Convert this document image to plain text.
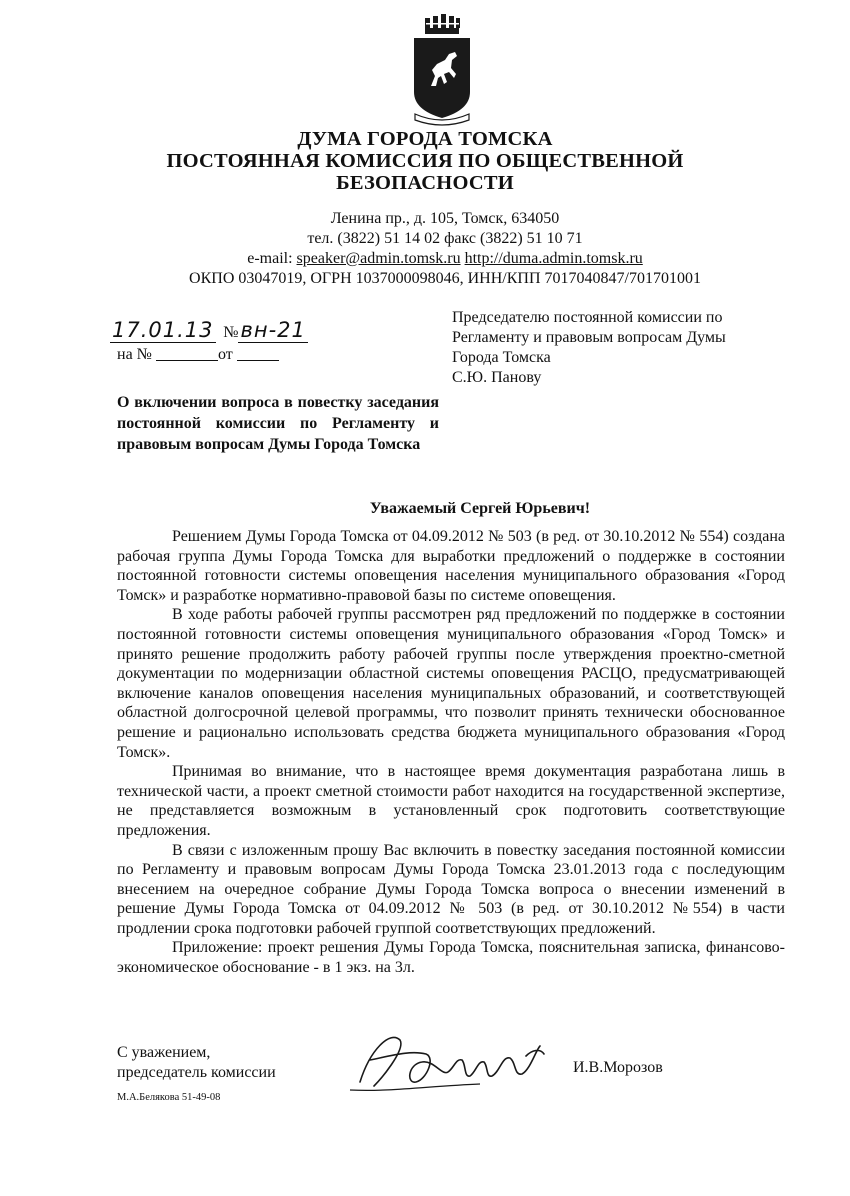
ДУМА ГОРОДА ТОМСКА
ПОСТОЯННАЯ КОМИССИЯ ПО ОБЩЕСТВЕННОЙ
БЕЗОПАСНОСТИ
Ленина пр., д. 105, Томск, 634050
тел. (3822) 51 14 02 факс (3822) 51 10 71
e-mail: speaker@admin.tomsk.ru http://duma.admin.tomsk.ru
ОКПО 03047019, ОГРН 1037000098046, ИНН/КПП 7017040847/701701001
17.01.13 №вн-21
на №	от
Председателю постоянной комиссии по
Регламенту и правовым вопросам Думы
Города Томска
С.Ю. Панову
О включении вопроса в повестку заседания постоянной комиссии по Регламенту и правовым вопросам Думы Города Томска
Уважаемый Сергей Юрьевич!

Решением Думы Города Томска от 04.09.2012 № 503 (в ред. от 30.10.2012 № 554) создана рабочая группа Думы Города Томска для выработки предложений о поддержке в состоянии постоянной готовности системы оповещения населения муниципального образования «Город Томск» и разработке нормативно-правовой базы по системе оповещения.

В ходе работы рабочей группы рассмотрен ряд предложений по поддержке в состоянии постоянной готовности системы оповещения муниципального образования «Город Томск» и принято решение продолжить работу рабочей группы после утверждения проектно-сметной документации по модернизации областной системы оповещения РАСЦО, предусматривающей включение каналов оповещения населения муниципальных образований, и соответствующей областной долгосрочной целевой программы, что позволит принять технически обоснованное решение и рационально использовать средства бюджета муниципального образования «Город Томск».

Принимая во внимание, что в настоящее время документация разработана лишь в технической части, а проект сметной стоимости работ находится на государственной экспертизе, не представляется возможным в установленный срок подготовить соответствующие предложения.

В связи с изложенным прошу Вас включить в повестку заседания постоянной комиссии по Регламенту и правовым вопросам Думы Города Томска 23.01.2013 года с последующим внесением на очередное собрание Думы Города Томска вопроса о внесении изменений в решение Думы Города Томска от 04.09.2012 № 503 (в ред. от 30.10.2012 №554) в части продлении срока подготовки рабочей группой соответствующих предложений.

Приложение: проект решения Думы Города Томска, пояснительная записка, финансово-экономическое обоснование - в 1 экз. на 3л.

С уважением,
председатель комиссии	И.В.Морозов
М.А.Белякова 51-49-08
